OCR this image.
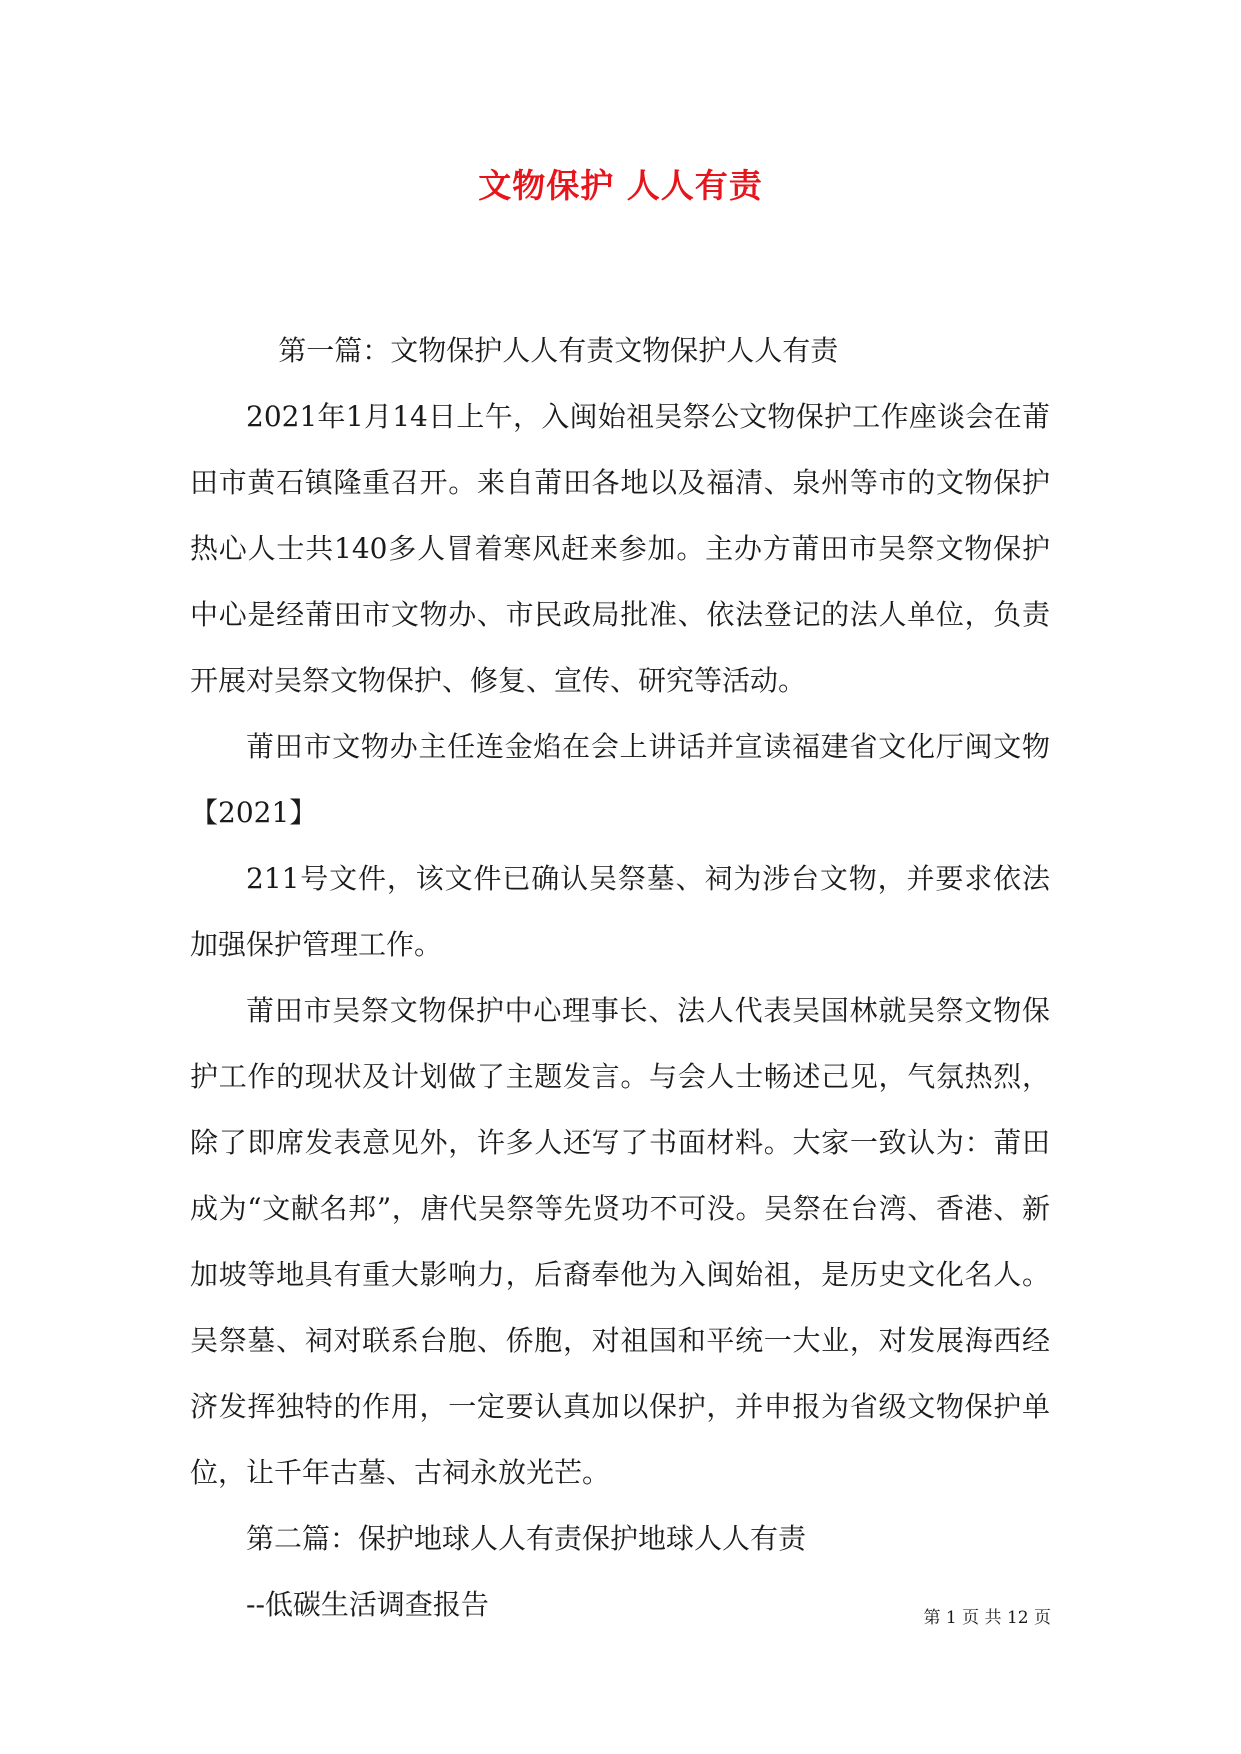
文物保护 人人有责

第一篇：文物保护人人有责文物保护人人有责

2021年1月14日上午，入闽始祖吴祭公文物保护工作座谈会在莆田市黄石镇隆重召开。来自莆田各地以及福清、泉州等市的文物保护热心人士共140多人冒着寒风赶来参加。主办方莆田市吴祭文物保护中心是经莆田市文物办、市民政局批准、依法登记的法人单位，负责开展对吴祭文物保护、修复、宣传、研究等活动。

莆田市文物办主任连金焰在会上讲话并宣读福建省文化厅闽文物【2021】

211号文件，该文件已确认吴祭墓、祠为涉台文物，并要求依法加强保护管理工作。

莆田市吴祭文物保护中心理事长、法人代表吴国林就吴祭文物保护工作的现状及计划做了主题发言。与会人士畅述己见，气氛热烈，除了即席发表意见外，许多人还写了书面材料。大家一致认为：莆田成为“文献名邦”，唐代吴祭等先贤功不可没。吴祭在台湾、香港、新加坡等地具有重大影响力，后裔奉他为入闽始祖，是历史文化名人。吴祭墓、祠对联系台胞、侨胞，对祖国和平统一大业，对发展海西经济发挥独特的作用，一定要认真加以保护，并申报为省级文物保护单位，让千年古墓、古祠永放光芒。

第二篇：保护地球人人有责保护地球人人有责

--低碳生活调查报告	第 1 页 共 12 页
